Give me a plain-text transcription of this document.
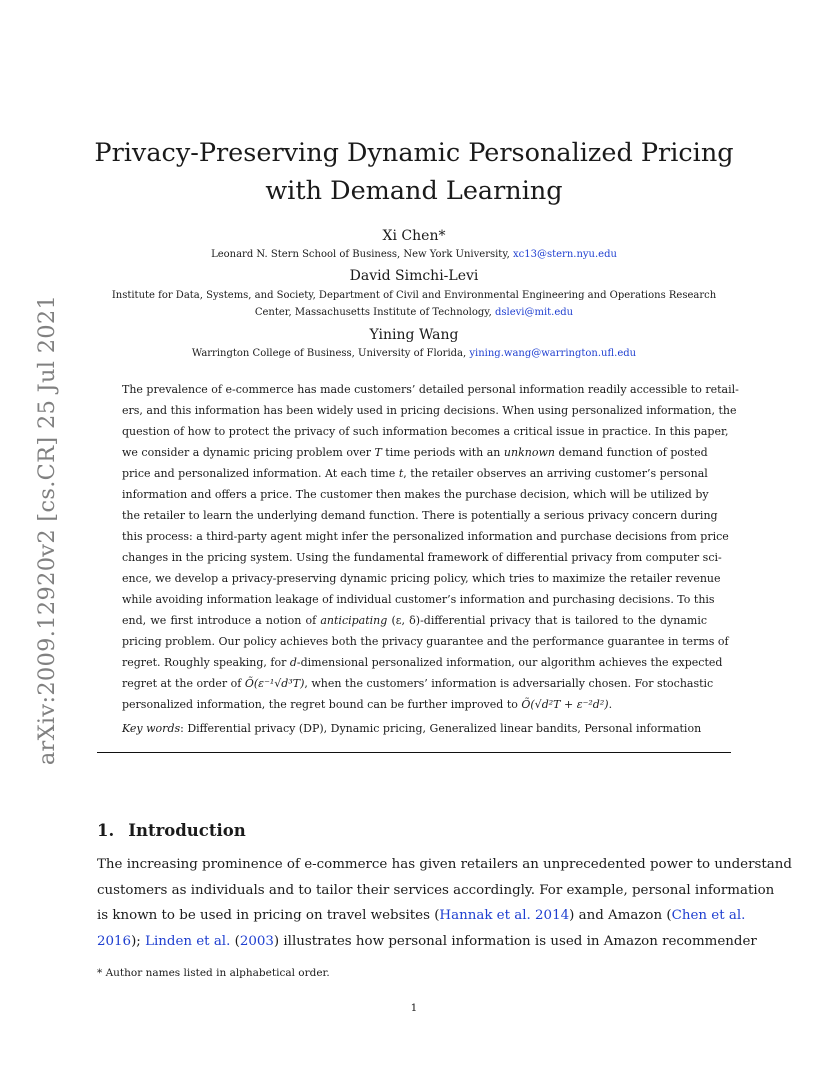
arXiv:2009.12920v2 [cs.CR] 25 Jul 2021
Privacy-Preserving Dynamic Personalized Pricing
with Demand Learning
Xi Chen*
Leonard N. Stern School of Business, New York University, xc13@stern.nyu.edu
David Simchi-Levi
Institute for Data, Systems, and Society, Department of Civil and Environmental Engineering and Operations Research
Center, Massachusetts Institute of Technology, dslevi@mit.edu
Yining Wang
Warrington College of Business, University of Florida, yining.wang@warrington.ufl.edu
The prevalence of e-commerce has made customers’ detailed personal information readily accessible to retail-
ers, and this information has been widely used in pricing decisions. When using personalized information, the
question of how to protect the privacy of such information becomes a critical issue in practice. In this paper,
we consider a dynamic pricing problem over T time periods with an unknown demand function of posted
price and personalized information. At each time t, the retailer observes an arriving customer’s personal
information and offers a price. The customer then makes the purchase decision, which will be utilized by
the retailer to learn the underlying demand function. There is potentially a serious privacy concern during
this process: a third-party agent might infer the personalized information and purchase decisions from price
changes in the pricing system. Using the fundamental framework of differential privacy from computer sci-
ence, we develop a privacy-preserving dynamic pricing policy, which tries to maximize the retailer revenue
while avoiding information leakage of individual customer’s information and purchasing decisions. To this
end, we first introduce a notion of anticipating (ε, δ)-differential privacy that is tailored to the dynamic
pricing problem. Our policy achieves both the privacy guarantee and the performance guarantee in terms of
regret. Roughly speaking, for d-dimensional personalized information, our algorithm achieves the expected
regret at the order of Õ(ε⁻¹√d³T), when the customers’ information is adversarially chosen. For stochastic
personalized information, the regret bound can be further improved to Õ(√d²T + ε⁻²d²).
Key words: Differential privacy (DP), Dynamic pricing, Generalized linear bandits, Personal information
1. Introduction
The increasing prominence of e-commerce has given retailers an unprecedented power to understand
customers as individuals and to tailor their services accordingly. For example, personal information
is known to be used in pricing on travel websites (Hannak et al. 2014) and Amazon (Chen et al.
2016); Linden et al. (2003) illustrates how personal information is used in Amazon recommender
* Author names listed in alphabetical order.
1
